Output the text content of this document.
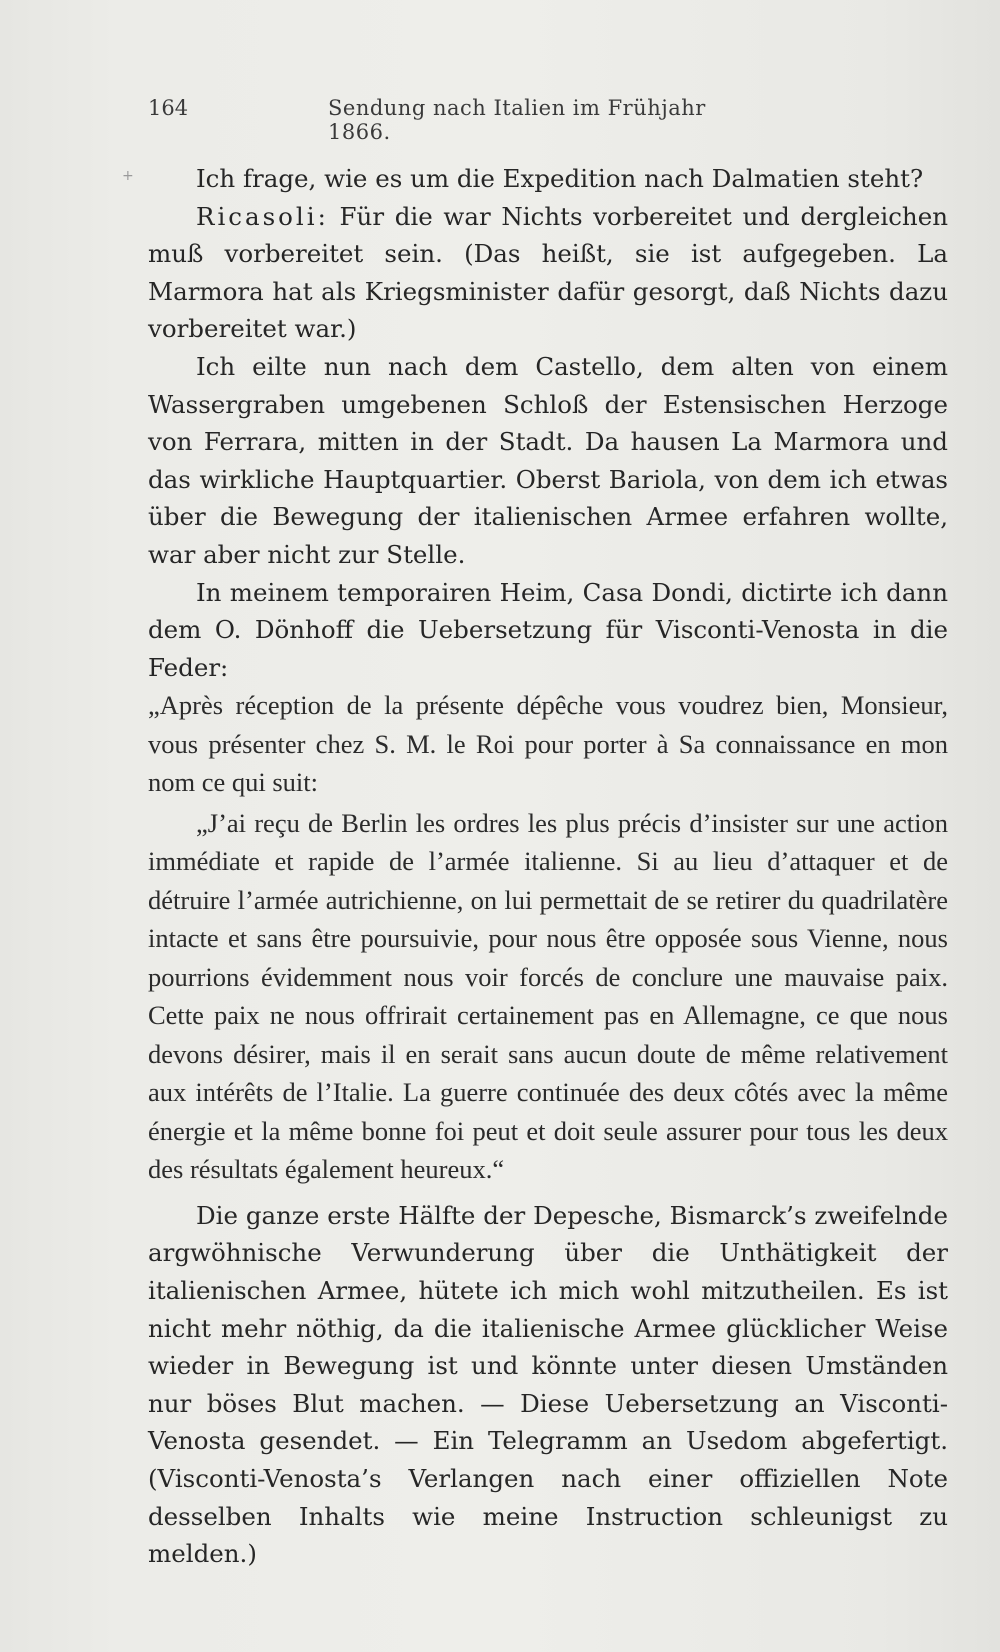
164	Sendung nach Italien im Frühjahr 1866.
+	Ich frage, wie es um die Expedition nach Dalmatien steht?

Ricasoli: Für die war Nichts vorbereitet und dergleichen muß vorbereitet sein. (Das heißt, sie ist aufgegeben. La Marmora hat als Kriegsminister dafür gesorgt, daß Nichts dazu vorbereitet war.)

Ich eilte nun nach dem Castello, dem alten von einem Wassergraben umgebenen Schloß der Estensischen Herzoge von Ferrara, mitten in der Stadt. Da hausen La Marmora und das wirkliche Hauptquartier. Oberst Bariola, von dem ich etwas über die Bewegung der italienischen Armee erfahren wollte, war aber nicht zur Stelle.

In meinem temporairen Heim, Casa Dondi, dictirte ich dann dem O. Dönhoff die Uebersetzung für Visconti-Venosta in die Feder:

„Après réception de la présente dépêche vous voudrez bien, Monsieur, vous présenter chez S. M. le Roi pour porter à Sa connaissance en mon nom ce qui suit:

„J’ai reçu de Berlin les ordres les plus précis d’insister sur une action immédiate et rapide de l’armée italienne. Si au lieu d’attaquer et de détruire l’armée autrichienne, on lui permettait de se retirer du quadrilatère intacte et sans être poursuivie, pour nous être opposée sous Vienne, nous pourrions évidemment nous voir forcés de conclure une mauvaise paix. Cette paix ne nous offrirait certainement pas en Allemagne, ce que nous devons désirer, mais il en serait sans aucun doute de même relativement aux intérêts de l’Italie. La guerre continuée des deux côtés avec la même énergie et la même bonne foi peut et doit seule assurer pour tous les deux des résultats également heureux.“

Die ganze erste Hälfte der Depesche, Bismarck’s zweifelnde argwöhnische Verwunderung über die Unthätigkeit der italienischen Armee, hütete ich mich wohl mitzutheilen. Es ist nicht mehr nöthig, da die italienische Armee glücklicher Weise wieder in Bewegung ist und könnte unter diesen Umständen nur böses Blut machen. — Diese Uebersetzung an Visconti-Venosta gesendet. — Ein Telegramm an Usedom abgefertigt. (Visconti-Venosta’s Verlangen nach einer offiziellen Note desselben Inhalts wie meine Instruction schleunigst zu melden.)
